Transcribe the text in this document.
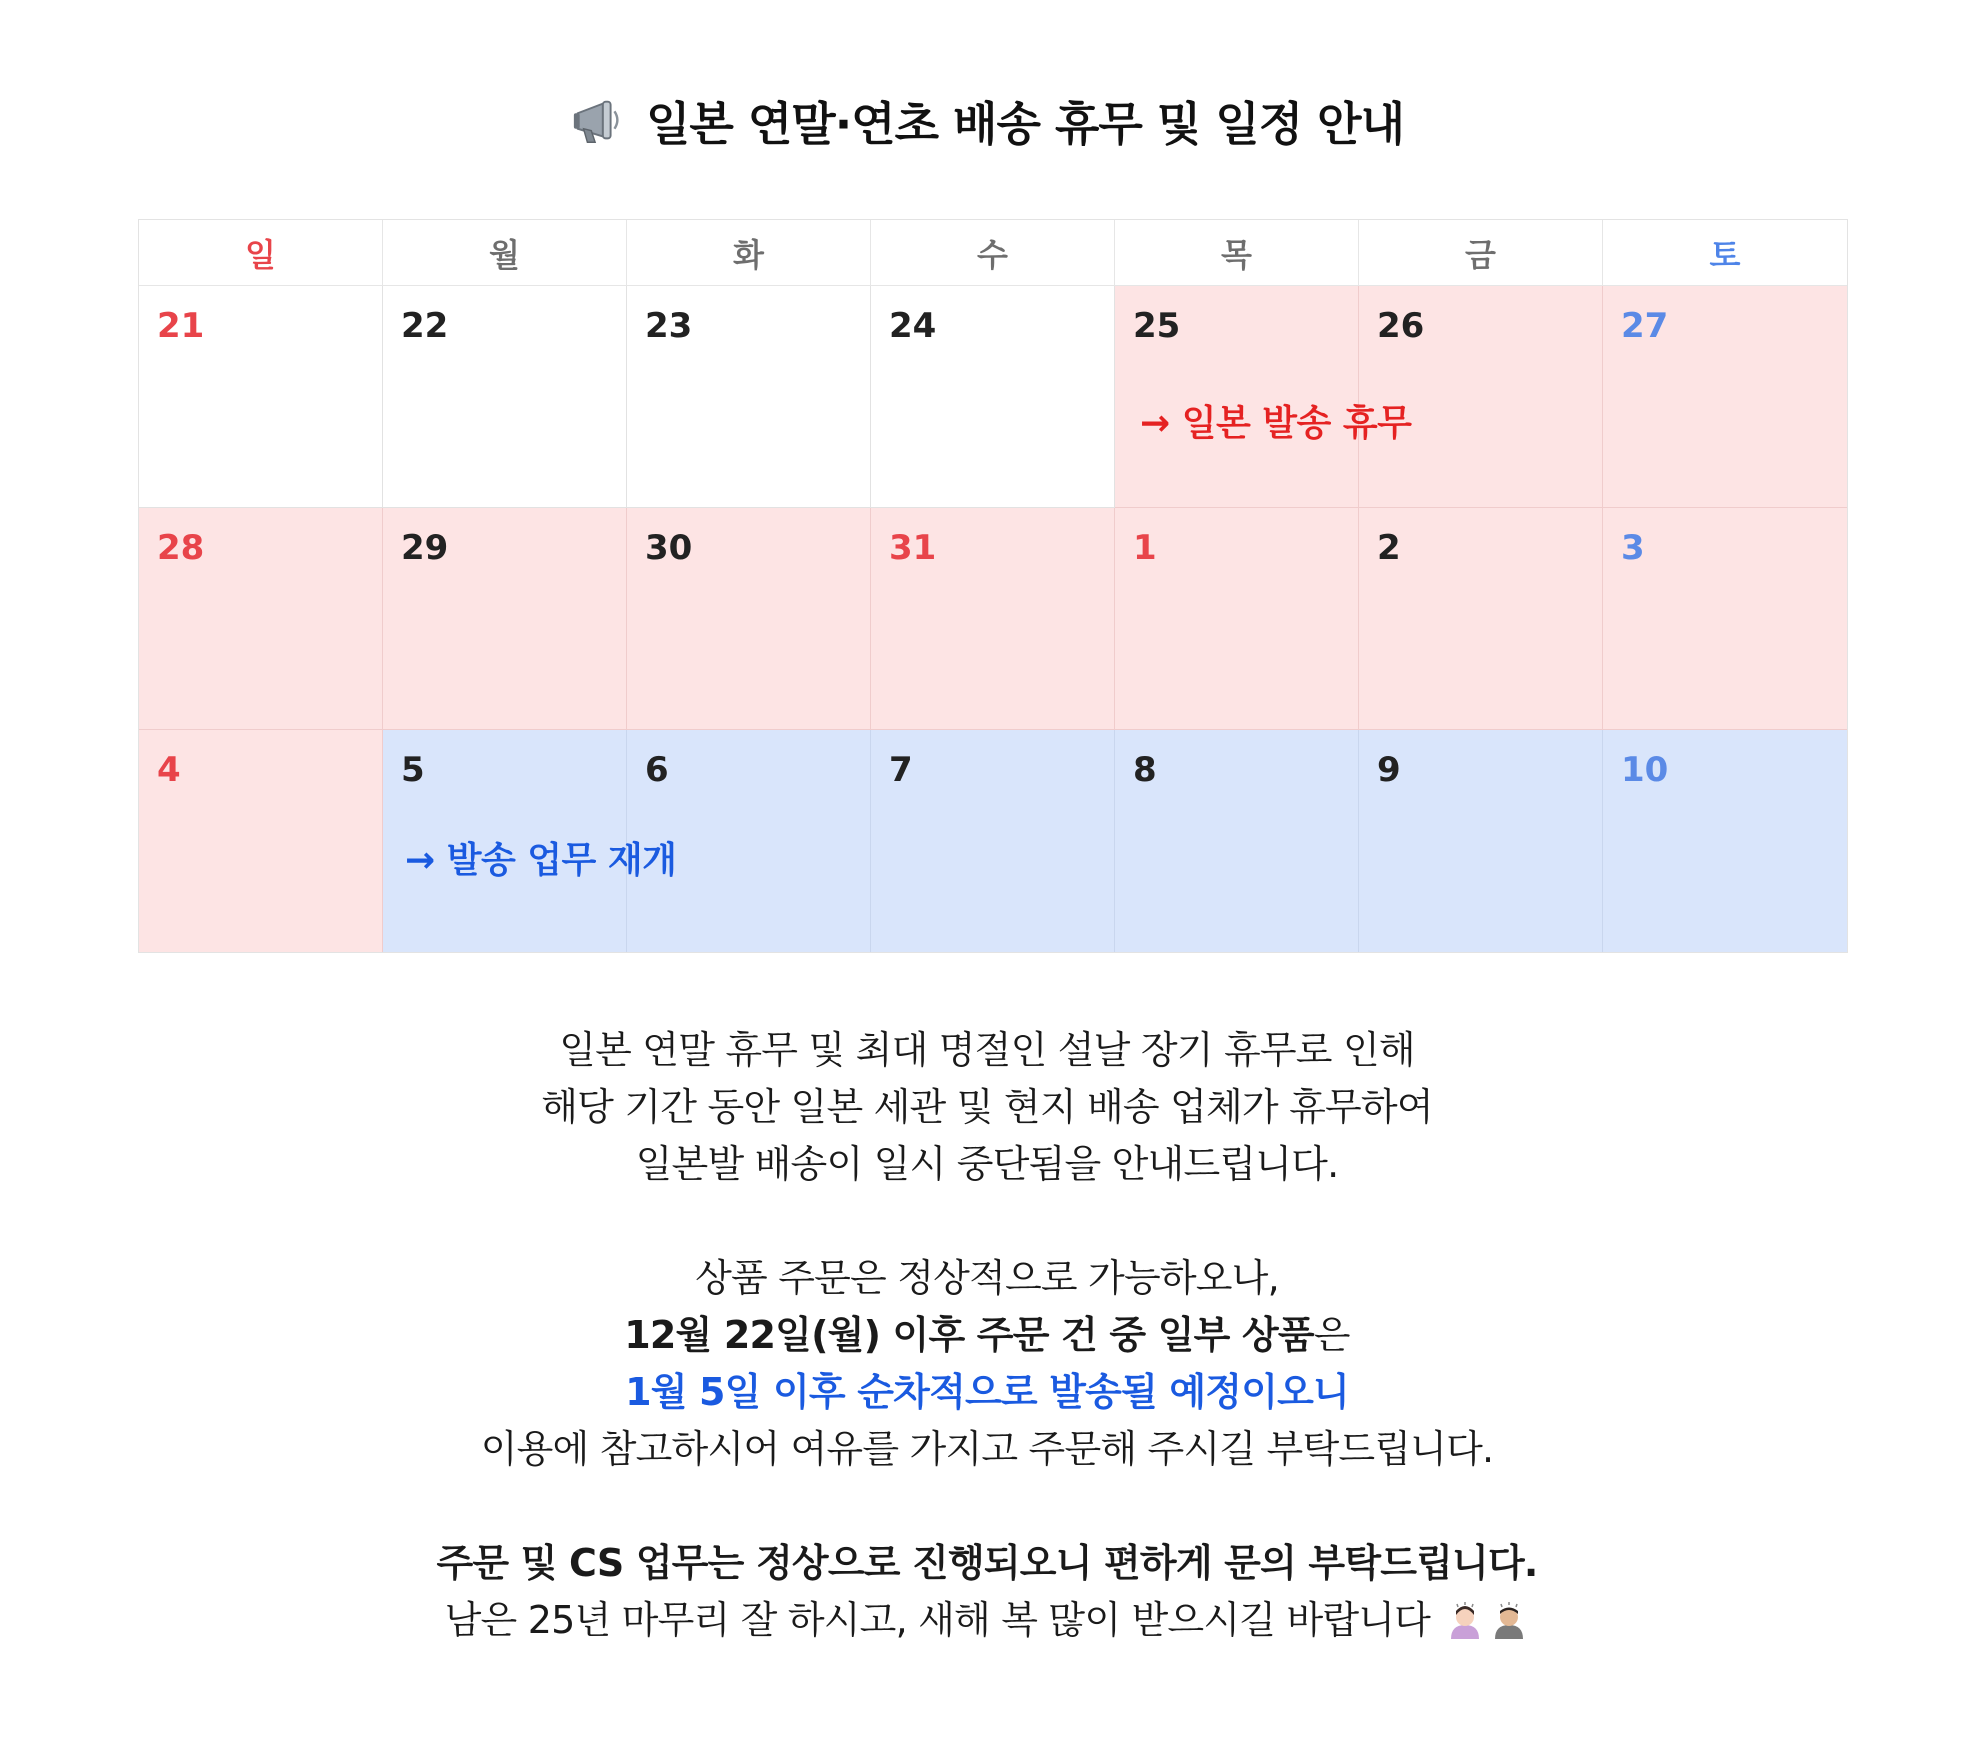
일본 연말·연초 배송 휴무 및 일정 안내
일	월	화	수	목	금	토
21	22	23	24	25	26	27
28	29	30	31	1	2	3
4	5	6	7	8	9	10
→ 일본 발송 휴무
→ 발송 업무 재개

일본 연말 휴무 및 최대 명절인 설날 장기 휴무로 인해

해당 기간 동안 일본 세관 및 현지 배송 업체가 휴무하여

일본발 배송이 일시 중단됨을 안내드립니다.

상품 주문은 정상적으로 가능하오나,

12월 22일(월) 이후 주문 건 중 일부 상품은

1월 5일 이후 순차적으로 발송될 예정이오니

이용에 참고하시어 여유를 가지고 주문해 주시길 부탁드립니다.

주문 및 CS 업무는 정상으로 진행되오니 편하게 문의 부탁드립니다.

남은 25년 마무리 잘 하시고, 새해 복 많이 받으시길 바랍니다
